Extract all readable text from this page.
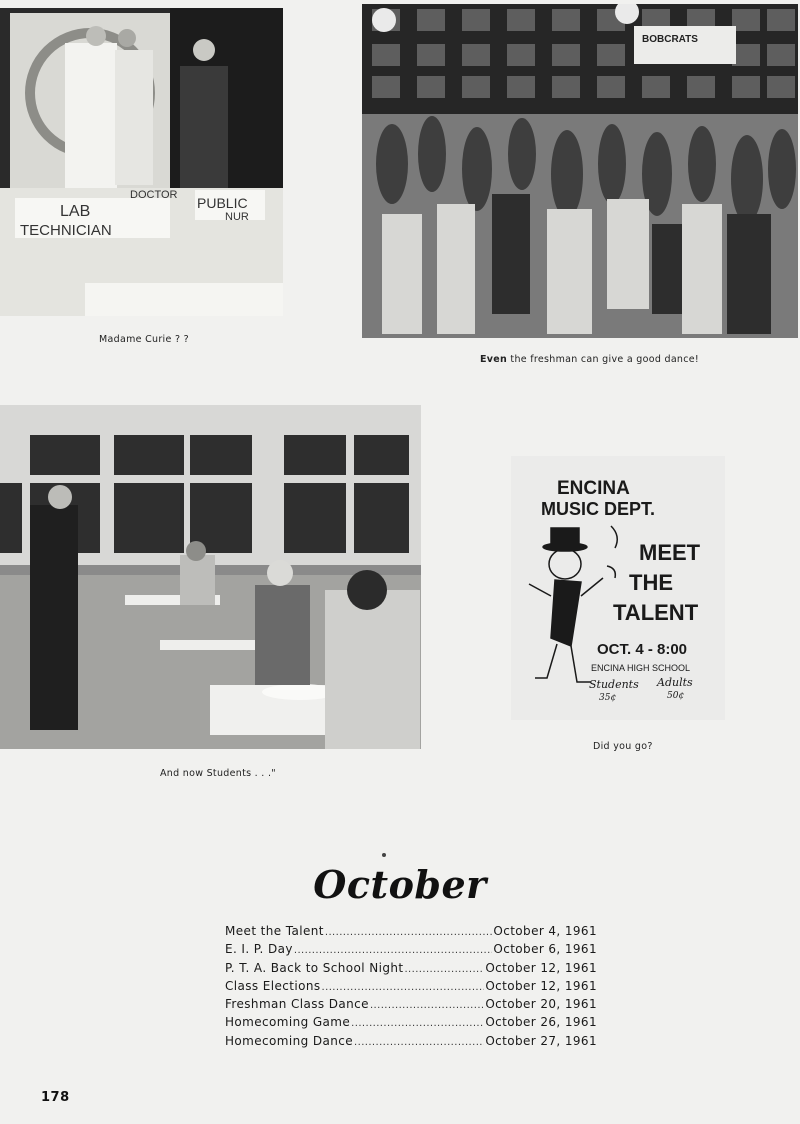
LAB
TECHNICIAN
DOCTOR PUBLIC
NUR
Madame Curie ? ?
BOBCRATS
Even the freshman can give a good dance!
And now Students . . ."
ENCINA
MUSIC DEPT.
MEET
THE
TALENT
OCT. 4 - 8:00
ENCINA HIGH SCHOOL
Students
35¢
Adults
50¢
Did you go?
October
Meet the Talent .....	October 4, 1961
E. I. P. Day .....	October 6, 1961
P. T. A. Back to School Night .....	October 12, 1961
Class Elections .....	October 12, 1961
Freshman Class Dance .....	October 20, 1961
Homecoming Game .....	October 26, 1961
Homecoming Dance .....	October 27, 1961
178
